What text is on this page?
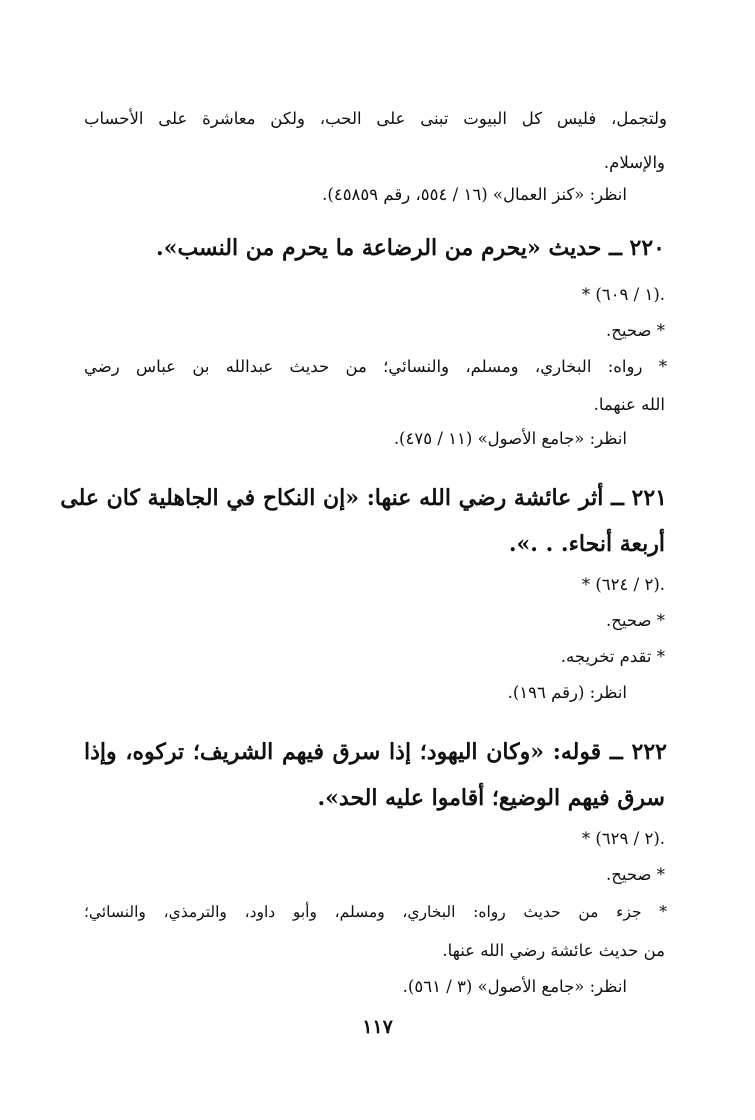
ولتجمل، فليس كل البيوت تبنى على الحب، ولكن معاشرة على الأحساب
والإسلام.
انظر: «كنز العمال» (١٦ / ٥٥٤، رقم ٤٥٨٥٩).
٢٢٠ ــ حديث «يحرم من الرضاعة ما يحرم من النسب».
* (١ / ٦٠٩).
* صحيح.
* رواه: البخاري، ومسلم، والنسائي؛ من حديث عبدالله بن عباس رضي
الله عنهما.
انظر: «جامع الأصول» (١١ / ٤٧٥).
٢٢١ ــ أثر عائشة رضي الله عنها: «إن النكاح في الجاهلية كان على
أربعة أنحاء. . .».
* (٢ / ٦٢٤).
* صحيح.
* تقدم تخريجه.
انظر: (رقم ١٩٦).
٢٢٢ ــ قوله: «وكان اليهود؛ إذا سرق فيهم الشريف؛ تركوه، وإذا
سرق فيهم الوضيع؛ أقاموا عليه الحد».
* (٢ / ٦٢٩).
* صحيح.
* جزء من حديث رواه: البخاري، ومسلم، وأبو داود، والترمذي، والنسائي؛
من حديث عائشة رضي الله عنها.
انظر: «جامع الأصول» (٣ / ٥٦١).
١١٧
